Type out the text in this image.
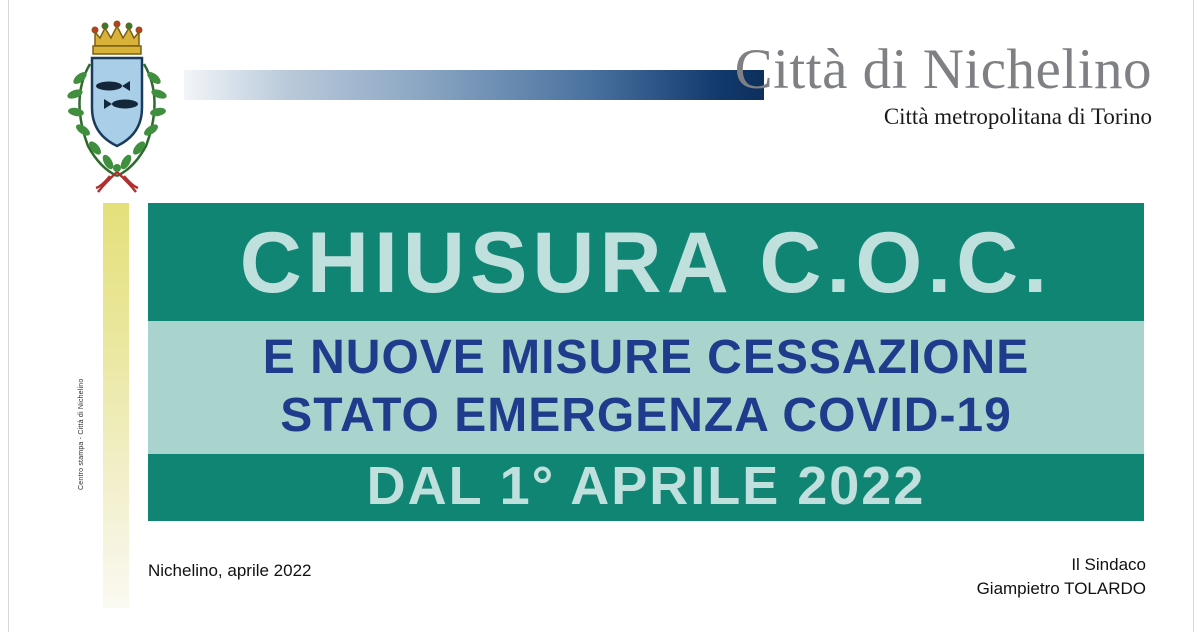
Città di Nichelino
Città metropolitana di Torino
Centro stampa - Città di Nichelino
CHIUSURA C.O.C.
E NUOVE MISURE CESSAZIONE
STATO EMERGENZA COVID-19
DAL 1° APRILE 2022
Nichelino, aprile 2022	Il Sindaco
Giampietro TOLARDO
